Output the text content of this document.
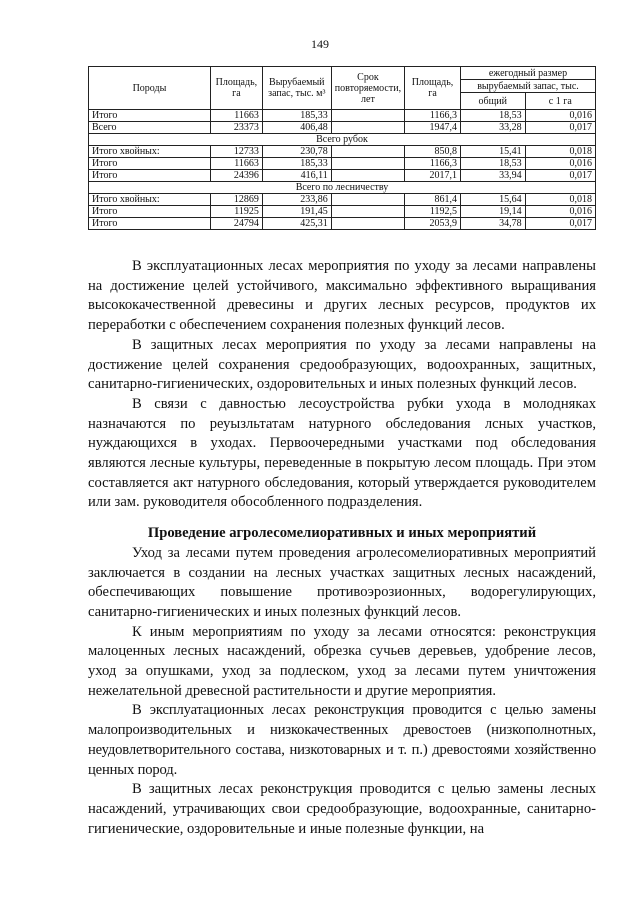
149
Породы	Площадь, га	Вырубаемый запас, тыс. м³	Срок повторяемости, лет	Площадь, га	ежегодный размер	
					вырубаемый запас, тыс.	
					общий	с 1 га
Итого	11663	185,33		1166,3	18,53	0,016
Всего	23373	406,48		1947,4	33,28	0,017
Всего рубок						
Итого хвойных:	12733	230,78		850,8	15,41	0,018
Итого	11663	185,33		1166,3	18,53	0,016
Итого	24396	416,11		2017,1	33,94	0,017
Всего по лесничеству						
Итого хвойных:	12869	233,86		861,4	15,64	0,018
Итого	11925	191,45		1192,5	19,14	0,016
Итого	24794	425,31		2053,9	34,78	0,017

В эксплуатационных лесах мероприятия по уходу за лесами направлены на достижение целей устойчивого, максимально эффективного выращивания высококачественной древесины и других лесных ресурсов, продуктов их переработки с обеспечением сохранения полезных функций лесов.

В защитных лесах мероприятия по уходу за лесами направлены на достижение целей сохранения средообразующих, водоохранных, защитных, санитарно-гигиенических, оздоровительных и иных полезных функций лесов.

В связи с давностью лесоустройства рубки ухода в молодняках назначаются по реуызльтатам натурного обследования лсных участков, нуждающихся в уходах. Первоочередными участками под обследования являются лесные культуры, переведенные в покрытую лесом площадь. При этом составляется акт натурного обследования, который утверждается руководителем или зам. руководителя обособленного подразделения.

Проведение агролесомелиоративных и иных мероприятий

Уход за лесами путем проведения агролесомелиоративных мероприятий заключается в создании на лесных участках защитных лесных насаждений, обеспечивающих повышение противоэрозионных, водорегулирующих, санитарно-гигиенических и иных полезных функций лесов.

К иным мероприятиям по уходу за лесами относятся: реконструкция малоценных лесных насаждений, обрезка сучьев деревьев, удобрение лесов, уход за опушками, уход за подлеском, уход за лесами путем уничтожения нежелательной древесной растительности и другие мероприятия.

В эксплуатационных лесах реконструкция проводится с целью замены малопроизводительных и низкокачественных древостоев (низкополнотных, неудовлетворительного состава, низкотоварных и т. п.) древостоями хозяйственно ценных пород.

В защитных лесах реконструкция проводится с целью замены лесных насаждений, утрачивающих свои средообразующие, водоохранные, санитарно-гигиенические, оздоровительные и иные полезные функции, на
